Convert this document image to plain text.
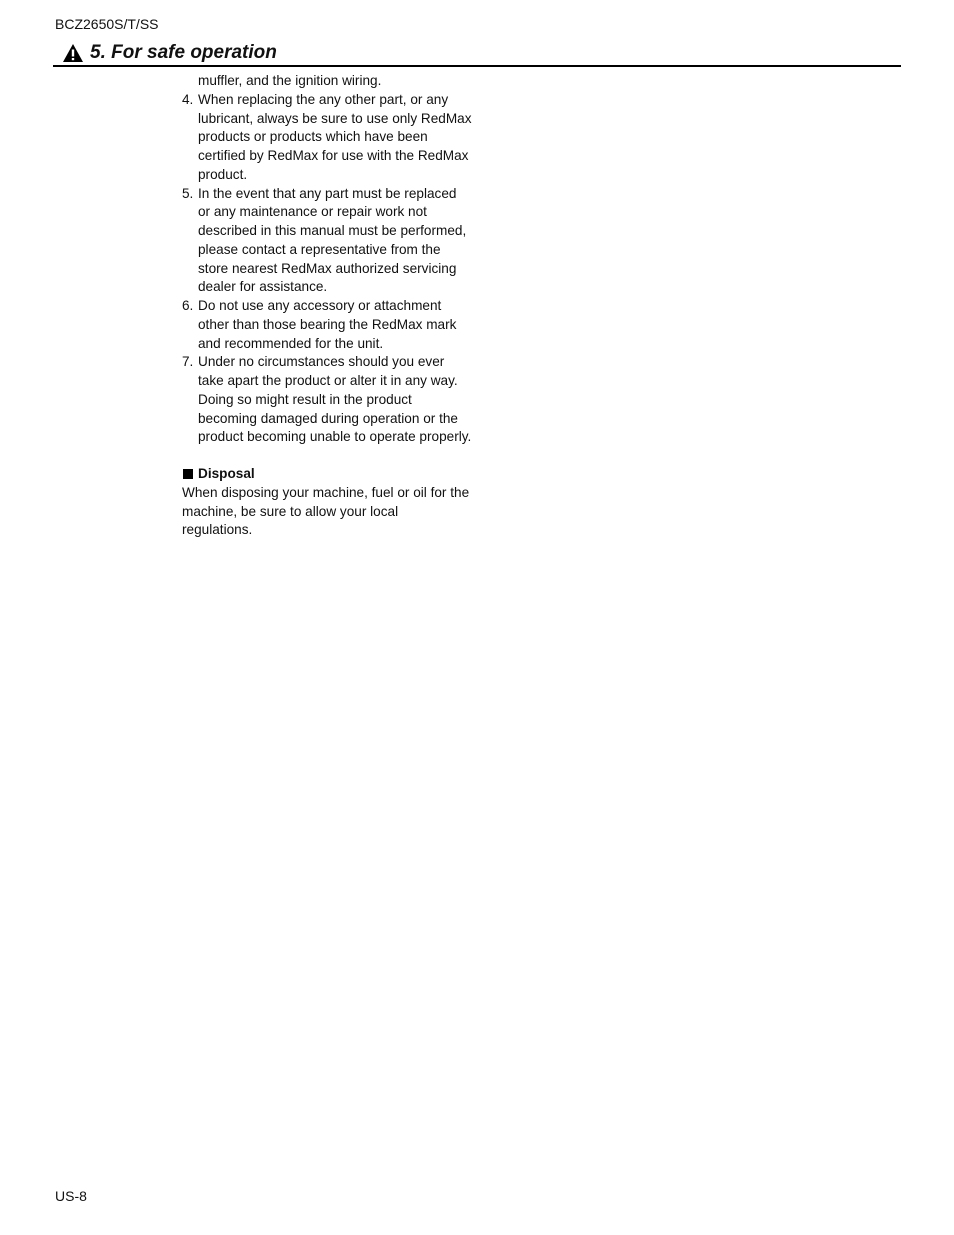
BCZ2650S/T/SS
5. For safe operation
muffler, and the ignition wiring.
4. When replacing the any other part, or any lubricant, always be sure to use only RedMax products or products which have been certified by RedMax for use with the RedMax product.
5. In the event that any part must be replaced or any maintenance or repair work not described in this manual must be performed, please contact a representative from the store nearest RedMax authorized servicing dealer for assistance.
6. Do not use any accessory or attachment other than those bearing the RedMax mark and recommended for the unit.
7. Under no circumstances should you ever take apart the product or alter it in any way. Doing so might result in the product becoming damaged during operation or the product becoming unable to operate properly.
Disposal
When disposing your machine, fuel or oil for the machine, be sure to allow your local regulations.
US-8
